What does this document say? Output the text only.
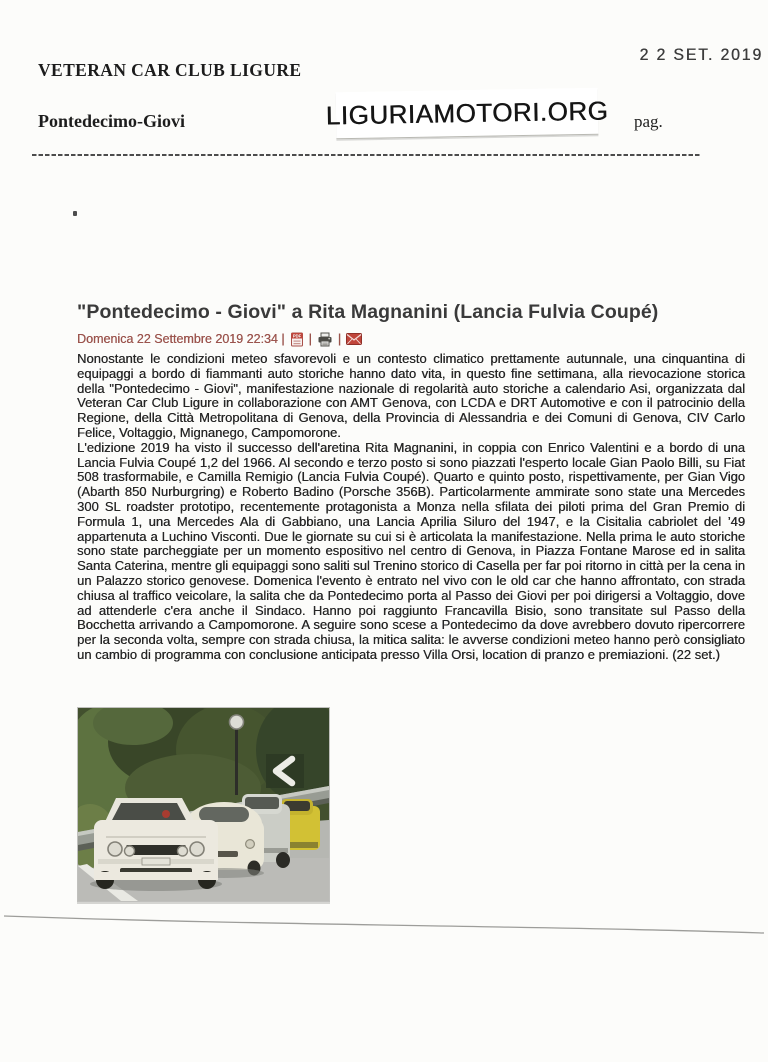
2 2 SET. 2019
VETERAN CAR CLUB LIGURE
LIGURIAMOTORI.ORG
Pontedecimo-Giovi	pag.
"Pontedecimo - Giovi" a Rita Magnanini (Lancia Fulvia Coupé)
Domenica 22 Settembre 2019 22:34 | PDF | |

Nonostante le condizioni meteo sfavorevoli e un contesto climatico prettamente autunnale, una cinquantina di equipaggi a bordo di fiammanti auto storiche hanno dato vita, in questo fine settimana, alla rievocazione storica della "Pontedecimo - Giovi", manifestazione nazionale di regolarità auto storiche a calendario Asi, organizzata dal Veteran Car Club Ligure in collaborazione con AMT Genova, con LCDA e DRT Automotive e con il patrocinio della Regione, della Città Metropolitana di Genova, della Provincia di Alessandria e dei Comuni di Genova, CIV Carlo Felice, Voltaggio, Mignanego, Campomorone.

L'edizione 2019 ha visto il successo dell'aretina Rita Magnanini, in coppia con Enrico Valentini e a bordo di una Lancia Fulvia Coupé 1,2 del 1966. Al secondo e terzo posto si sono piazzati l'esperto locale Gian Paolo Billi, su Fiat 508 trasformabile, e Camilla Remigio (Lancia Fulvia Coupé). Quarto e quinto posto, rispettivamente, per Gian Vigo (Abarth 850 Nurburgring) e Roberto Badino (Porsche 356B). Particolarmente ammirate sono state una Mercedes 300 SL roadster prototipo, recentemente protagonista a Monza nella sfilata dei piloti prima del Gran Premio di Formula 1, una Mercedes Ala di Gabbiano, una Lancia Aprilia Siluro del 1947, e la Cisitalia cabriolet del ’49 appartenuta a Luchino Visconti. Due le giornate su cui si è articolata la manifestazione. Nella prima le auto storiche sono state parcheggiate per un momento espositivo nel centro di Genova, in Piazza Fontane Marose ed in salita Santa Caterina, mentre gli equipaggi sono saliti sul Trenino storico di Casella per far poi ritorno in città per la cena in un Palazzo storico genovese. Domenica l'evento è entrato nel vivo con le old car che hanno affrontato, con strada chiusa al traffico veicolare, la salita che da Pontedecimo porta al Passo dei Giovi per poi dirigersi a Voltaggio, dove ad attenderle c'era anche il Sindaco. Hanno poi raggiunto Francavilla Bisio, sono transitate sul Passo della Bocchetta arrivando a Campomorone. A seguire sono scese a Pontedecimo da dove avrebbero dovuto ripercorrere per la seconda volta, sempre con strada chiusa, la mitica salita: le avverse condizioni meteo hanno però consigliato un cambio di programma con conclusione anticipata presso Villa Orsi, location di pranzo e premiazioni. (22 set.)
